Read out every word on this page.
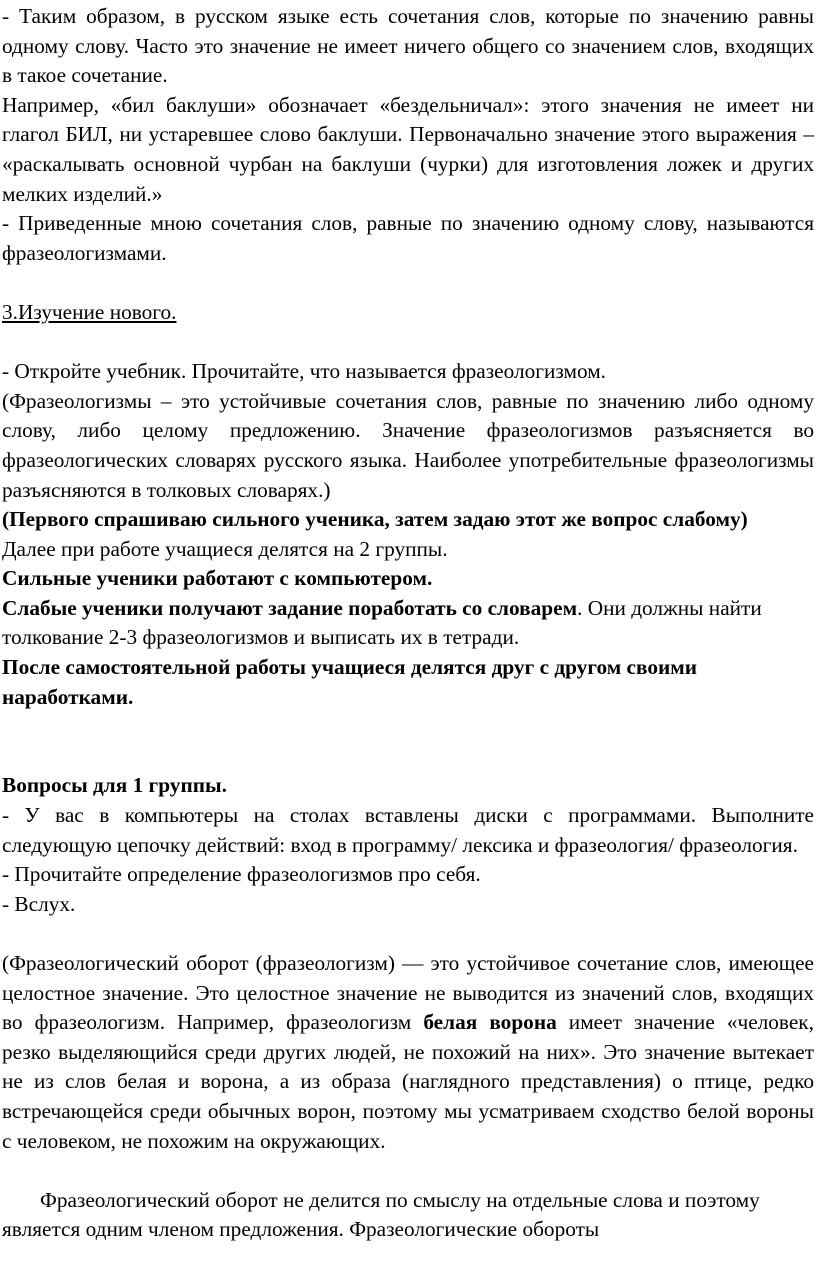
- Таким образом, в русском языке есть сочетания слов, которые по значению равны одному слову. Часто это значение не имеет ничего общего со значением слов, входящих в такое сочетание.

Например, «бил баклуши» обозначает «бездельничал»: этого значения не имеет ни глагол БИЛ, ни устаревшее слово баклуши. Первоначально значение этого выражения – «раскалывать основной чурбан на баклуши (чурки) для изготовления ложек и других мелких изделий.»

- Приведенные мною сочетания слов, равные по значению одному слову, называются фразеологизмами.

3.Изучение нового.

- Откройте учебник. Прочитайте, что называется фразеологизмом.

(Фразеологизмы – это устойчивые сочетания слов, равные по значению либо одному слову, либо целому предложению. Значение фразеологизмов разъясняется во фразеологических словарях русского языка. Наиболее употребительные фразеологизмы разъясняются в толковых словарях.)

(Первого спрашиваю сильного ученика, затем задаю этот же вопрос слабому)

Далее при работе учащиеся делятся на 2 группы.

Сильные ученики работают с компьютером.

Слабые ученики получают задание поработать со словарем. Они должны найти толкование 2-3 фразеологизмов и выписать их в тетради.

После самостоятельной работы учащиеся делятся друг с другом своими наработками.

Вопросы для 1 группы.

- У вас в компьютеры на столах вставлены диски с программами. Выполните следующую цепочку действий: вход в программу/ лексика и фразеология/ фразеология.

- Прочитайте определение фразеологизмов про себя.

- Вслух.

(Фразеологический оборот (фразеологизм) — это устойчивое сочетание слов, имеющее целостное значение. Это целостное значение не выводится из значений слов, входящих во фразеологизм. Например, фразеологизм белая ворона имеет значение «человек, резко выделяющийся среди других людей, не похожий на них». Это значение вытекает не из слов белая и ворона, а из образа (наглядного представления) о птице, редко встречающейся среди обычных ворон, поэтому мы усматриваем сходство белой вороны с человеком, не похожим на окружающих.

Фразеологический оборот не делится по смыслу на отдельные слова и поэтому является одним членом предложения. Фразеологические обороты
